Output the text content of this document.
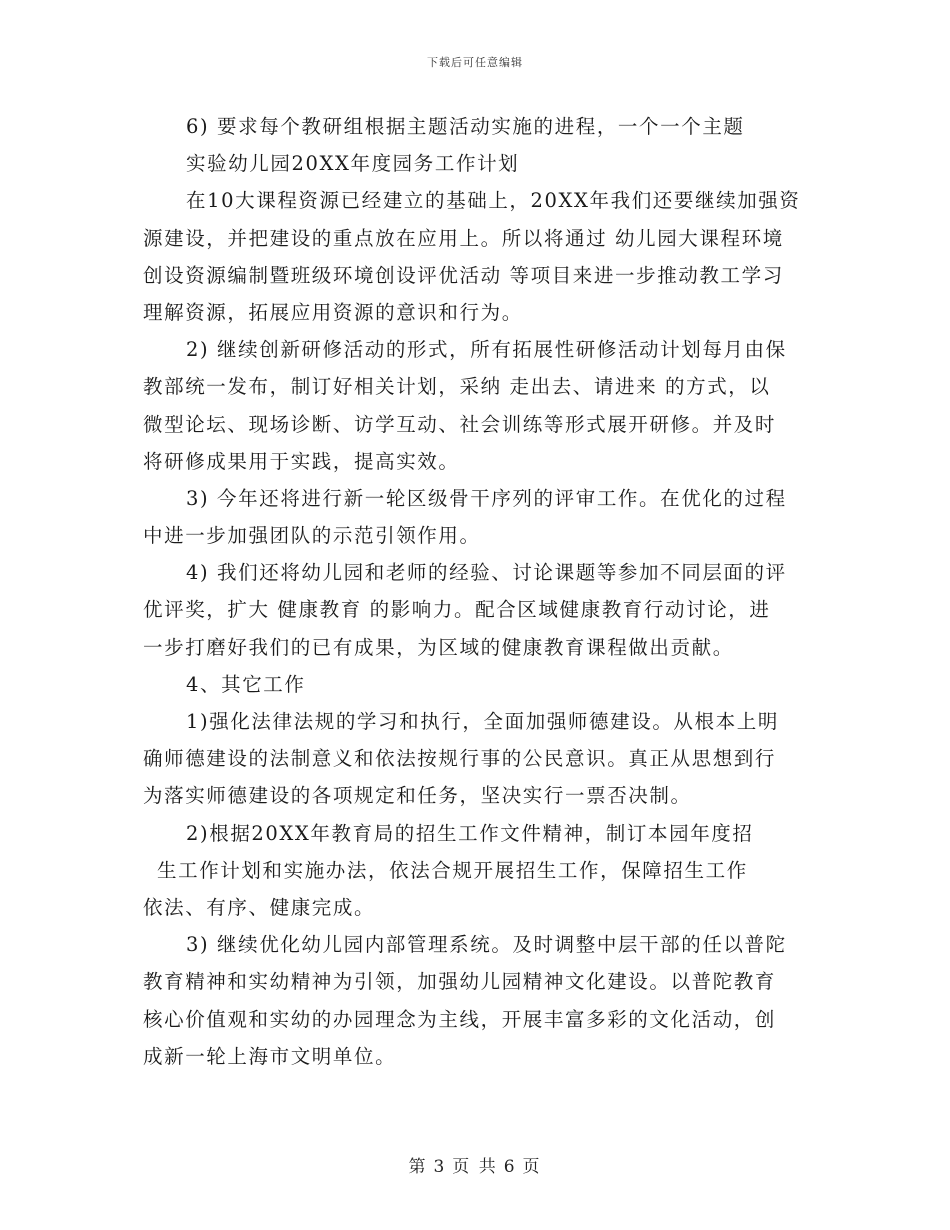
下载后可任意编辑
6) 要求每个教研组根据主题活动实施的进程，一个一个主题
实验幼儿园20XX年度园务工作计划
在10大课程资源已经建立的基础上，20XX年我们还要继续加强资
源建设，并把建设的重点放在应用上。所以将通过 幼儿园大课程环境
创设资源编制暨班级环境创设评优活动 等项目来进一步推动教工学习
理解资源，拓展应用资源的意识和行为。
2) 继续创新研修活动的形式，所有拓展性研修活动计划每月由保
教部统一发布，制订好相关计划，采纳 走出去、请进来 的方式，以
微型论坛、现场诊断、访学互动、社会训练等形式展开研修。并及时
将研修成果用于实践，提高实效。
3) 今年还将进行新一轮区级骨干序列的评审工作。在优化的过程
中进一步加强团队的示范引领作用。
4) 我们还将幼儿园和老师的经验、讨论课题等参加不同层面的评
优评奖，扩大 健康教育 的影响力。配合区域健康教育行动讨论，进
一步打磨好我们的已有成果，为区域的健康教育课程做出贡献。
4、其它工作
1)强化法律法规的学习和执行，全面加强师德建设。从根本上明
确师德建设的法制意义和依法按规行事的公民意识。真正从思想到行
为落实师德建设的各项规定和任务，坚决实行一票否决制。
2)根据20XX年教育局的招生工作文件精神，制订本园年度招
生工作计划和实施办法，依法合规开展招生工作，保障招生工作
依法、有序、健康完成。
3) 继续优化幼儿园内部管理系统。及时调整中层干部的任以普陀
教育精神和实幼精神为引领，加强幼儿园精神文化建设。以普陀教育
核心价值观和实幼的办园理念为主线，开展丰富多彩的文化活动，创
成新一轮上海市文明单位。
第 3 页 共 6 页
